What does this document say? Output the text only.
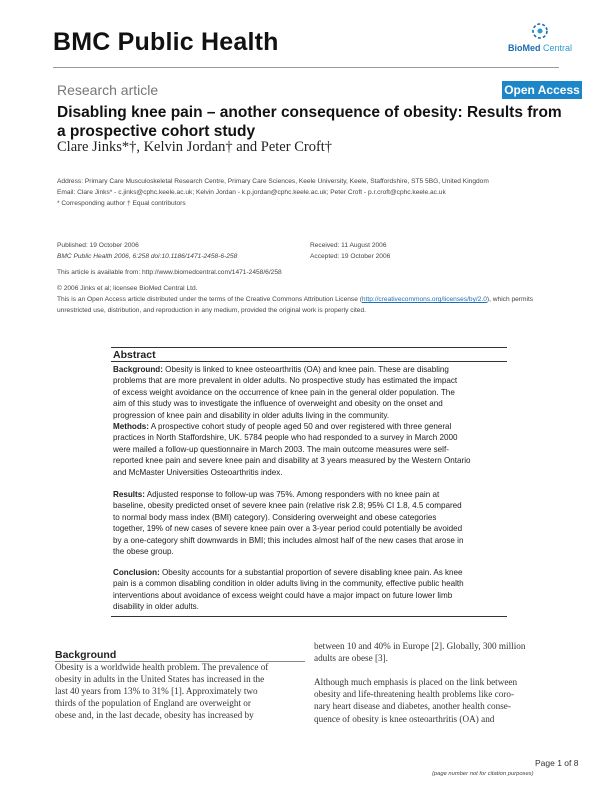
BMC Public Health	BioMed Central
Research article	Open Access
Disabling knee pain – another consequence of obesity: Results from
a prospective cohort study
Clare Jinks*†, Kelvin Jordan† and Peter Croft†
Address: Primary Care Musculoskeletal Research Centre, Primary Care Sciences, Keele University, Keele, Staffordshire, ST5 5BG, United Kingdom
Email: Clare Jinks* - c.jinks@cphc.keele.ac.uk; Kelvin Jordan - k.p.jordan@cphc.keele.ac.uk; Peter Croft - p.r.croft@cphc.keele.ac.uk
* Corresponding author † Equal contributors
Published: 19 October 2006
BMC Public Health 2006, 6:258 doi:10.1186/1471-2458-6-258
Received: 11 August 2006
Accepted: 19 October 2006
This article is available from: http://www.biomedcentral.com/1471-2458/6/258
© 2006 Jinks et al; licensee BioMed Central Ltd.
This is an Open Access article distributed under the terms of the Creative Commons Attribution License (http://creativecommons.org/licenses/by/2.0), which permits unrestricted use, distribution, and reproduction in any medium, provided the original work is properly cited.
Abstract
Background: Obesity is linked to knee osteoarthritis (OA) and knee pain. These are disabling
problems that are more prevalent in older adults. No prospective study has estimated the impact
of excess weight avoidance on the occurrence of knee pain in the general older population. The
aim of this study was to investigate the influence of overweight and obesity on the onset and
progression of knee pain and disability in older adults living in the community.
Methods: A prospective cohort study of people aged 50 and over registered with three general
practices in North Staffordshire, UK. 5784 people who had responded to a survey in March 2000
were mailed a follow-up questionnaire in March 2003. The main outcome measures were self-
reported knee pain and severe knee pain and disability at 3 years measured by the Western Ontario
and McMaster Universities Osteoarthritis index.
Results: Adjusted response to follow-up was 75%. Among responders with no knee pain at
baseline, obesity predicted onset of severe knee pain (relative risk 2.8; 95% CI 1.8, 4.5 compared
to normal body mass index (BMI) category). Considering overweight and obese categories
together, 19% of new cases of severe knee pain over a 3-year period could potentially be avoided
by a one-category shift downwards in BMI; this includes almost half of the new cases that arose in
the obese group.
Conclusion: Obesity accounts for a substantial proportion of severe disabling knee pain. As knee
pain is a common disabling condition in older adults living in the community, effective public health
interventions about avoidance of excess weight could have a major impact on future lower limb
disability in older adults.
Background
Obesity is a worldwide health problem. The prevalence of
obesity in adults in the United States has increased in the
last 40 years from 13% to 31% [1]. Approximately two
thirds of the population of England are overweight or
obese and, in the last decade, obesity has increased by
between 10 and 40% in Europe [2]. Globally, 300 million
adults are obese [3].

Although much emphasis is placed on the link between
obesity and life-threatening health problems like coro-
nary heart disease and diabetes, another health conse-
quence of obesity is knee osteoarthritis (OA) and
Page 1 of 8
(page number not for citation purposes)
